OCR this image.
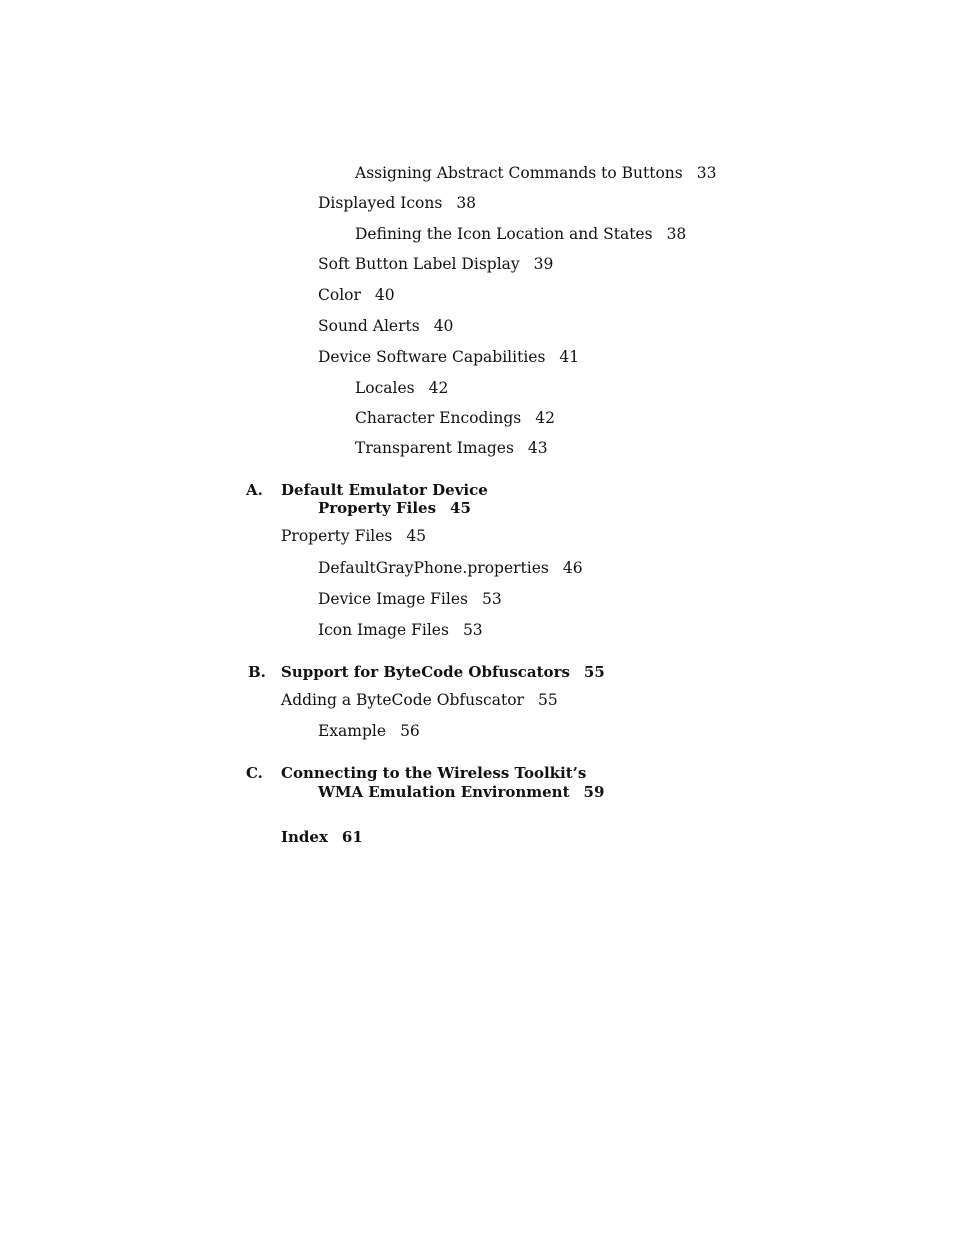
Assigning Abstract Commands to Buttons 33
Displayed Icons 38
Defining the Icon Location and States 38
Soft Button Label Display 39
Color 40
Sound Alerts 40
Device Software Capabilities 41
Locales 42
Character Encodings 42
Transparent Images 43
A. Default Emulator Device
Property Files 45
Property Files 45
DefaultGrayPhone.properties 46
Device Image Files 53
Icon Image Files 53
B. Support for ByteCode Obfuscators 55
Adding a ByteCode Obfuscator 55
Example 56
C. Connecting to the Wireless Toolkit’s
WMA Emulation Environment 59
Index 61
